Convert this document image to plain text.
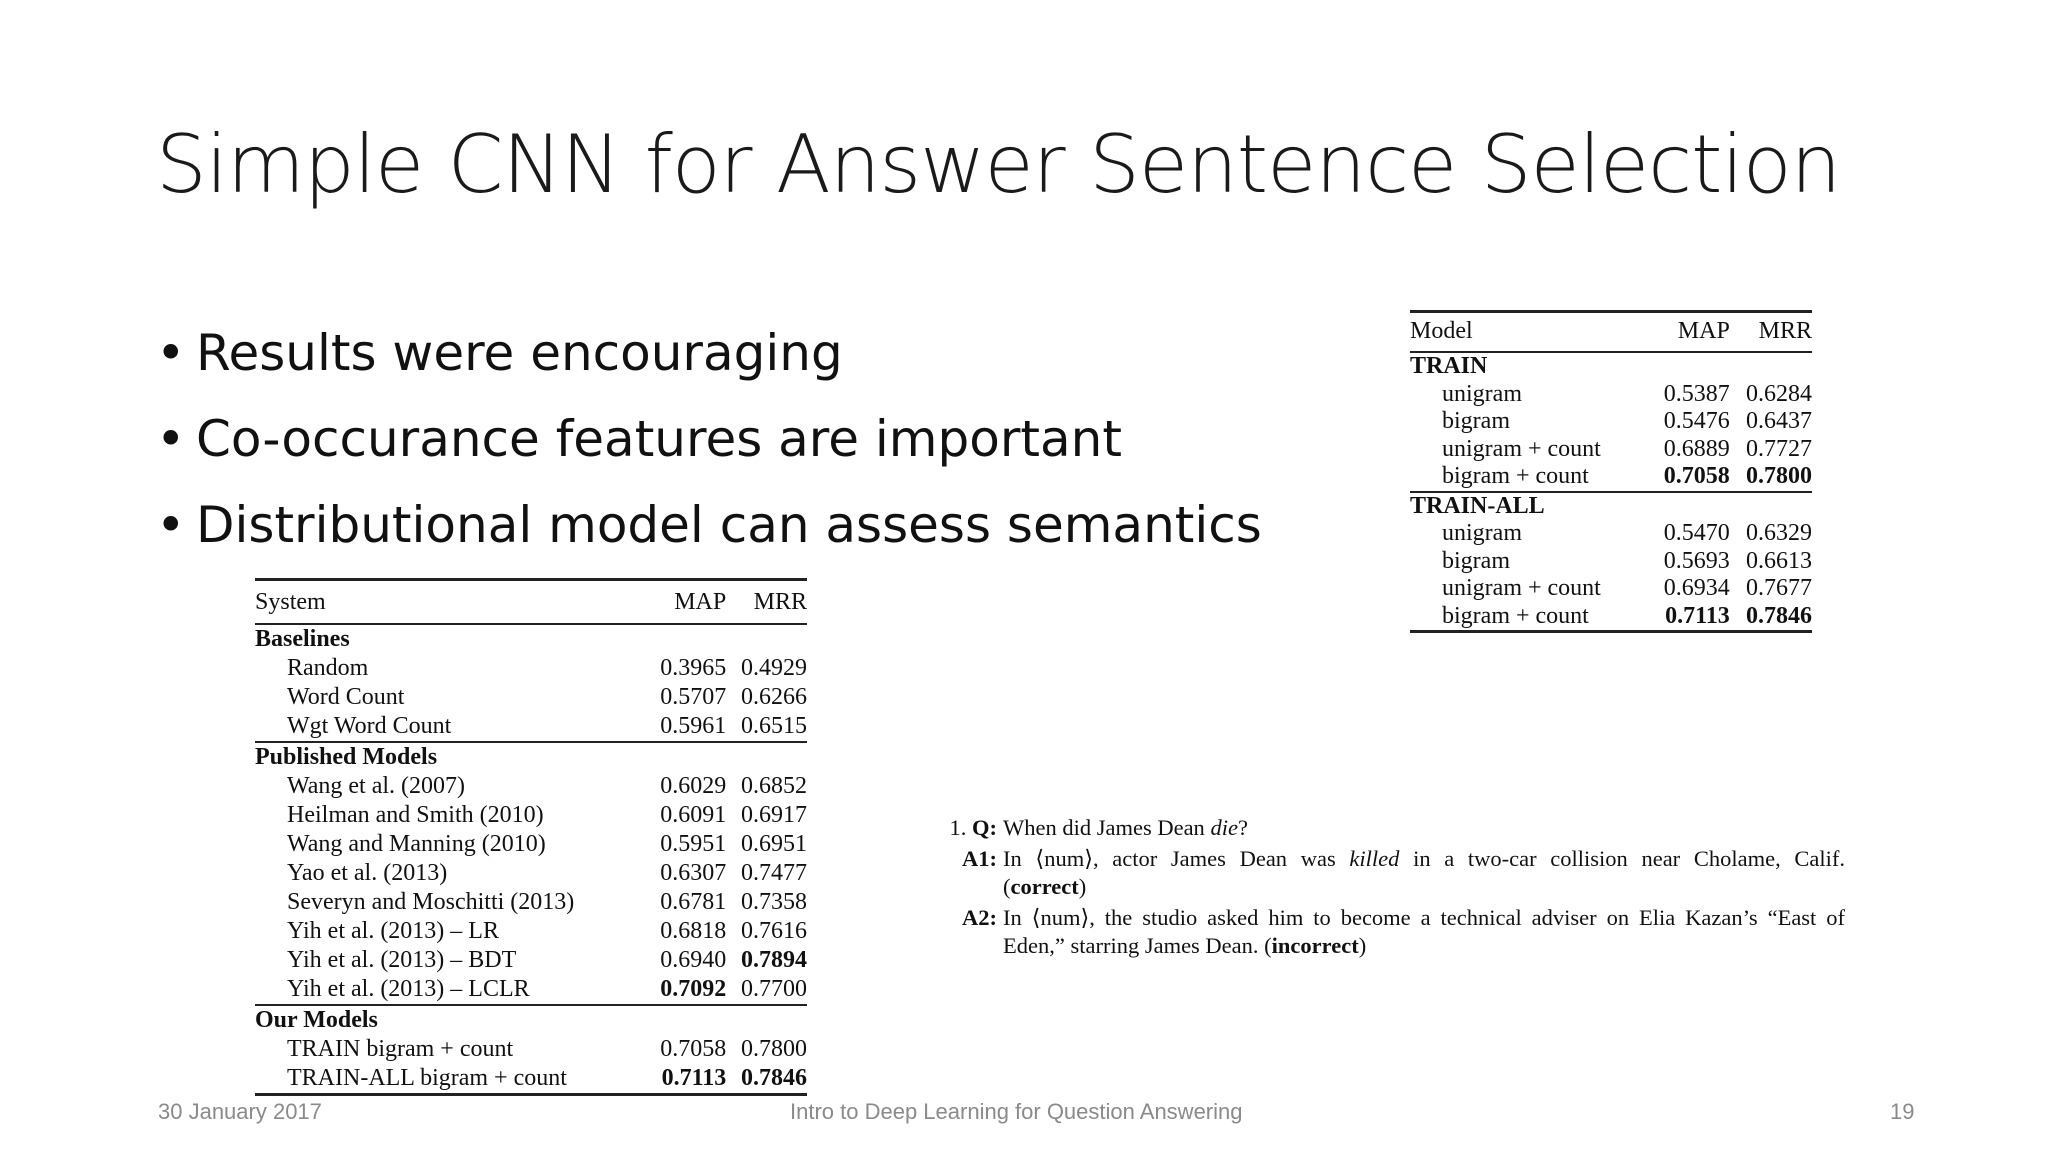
Simple CNN for Answer Sentence Selection
• Results were encouraging
• Co-occurance features are important
• Distributional model can assess semantics
System	MAP	MRR
Baselines		
Random	0.3965	0.4929
Word Count	0.5707	0.6266
Wgt Word Count	0.5961	0.6515
Published Models		
Wang et al. (2007)	0.6029	0.6852
Heilman and Smith (2010)	0.6091	0.6917
Wang and Manning (2010)	0.5951	0.6951
Yao et al. (2013)	0.6307	0.7477
Severyn and Moschitti (2013)	0.6781	0.7358
Yih et al. (2013) – LR	0.6818	0.7616
Yih et al. (2013) – BDT	0.6940	0.7894
Yih et al. (2013) – LCLR	0.7092	0.7700
Our Models		
TRAIN bigram + count	0.7058	0.7800
TRAIN-ALL bigram + count	0.7113	0.7846
Model	MAP	MRR
TRAIN		
unigram	0.5387	0.6284
bigram	0.5476	0.6437
unigram + count	0.6889	0.7727
bigram + count	0.7058	0.7800
TRAIN-ALL		
unigram	0.5470	0.6329
bigram	0.5693	0.6613
unigram + count	0.6934	0.7677
bigram + count	0.7113	0.7846
1. Q: When did James Dean die?
A1: In ⟨num⟩, actor James Dean was killed in a two-car collision near Cholame, Calif.
(correct)
A2: In ⟨num⟩, the studio asked him to become a technical adviser on Elia Kazan’s “East of
Eden,” starring James Dean. (incorrect)
30 January 2017	Intro to Deep Learning for Question Answering	19
